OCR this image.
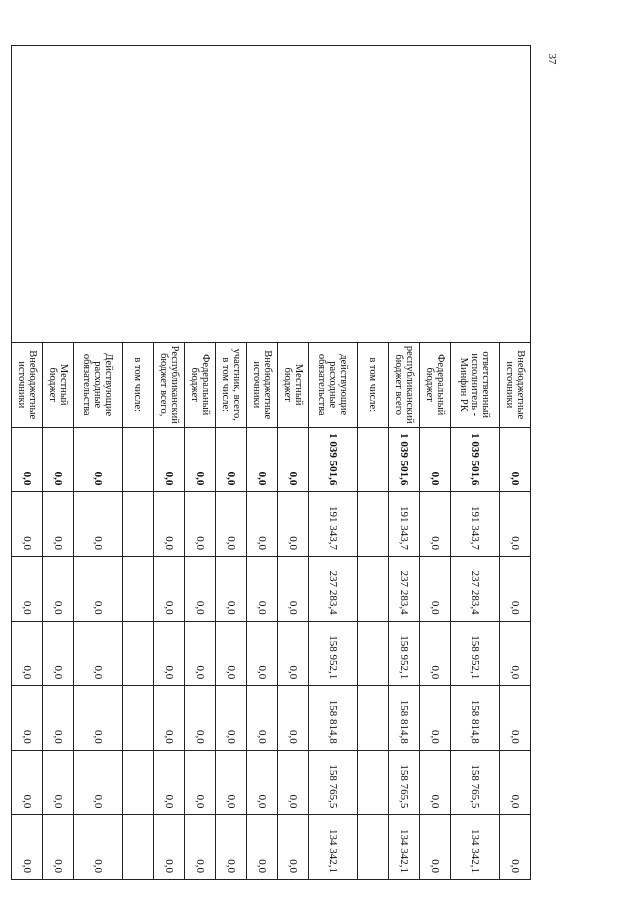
37
	Внебюджетные источники	0,0	0,0	0,0	0,0	0,0	0,0	0,0
	ответственный исполнитель - Минфин РК	1 039 501,6	191 343,7	237 283,4	158 952,1	158 814,8	158 765,5	134 342,1
	Федеральный бюджет	0,0	0,0	0,0	0,0	0,0	0,0	0,0
	республиканский бюджет всего	1 039 501,6	191 343,7	237 283,4	158 952,1	158 814,8	158 765,5	134 342,1
	в том числе:							
	действующие расходные обязательства	1 039 501,6	191 343,7	237 283,4	158 952,1	158 814,8	158 765,5	134 342,1
	Местный бюджет	0,0	0,0	0,0	0,0	0,0	0,0	0,0
	Внебюджетные источники	0,0	0,0	0,0	0,0	0,0	0,0	0,0
	участник, всего, в том числе:	0,0	0,0	0,0	0,0	0,0	0,0	0,0
	Федеральный бюджет	0,0	0,0	0,0	0,0	0,0	0,0	0,0
	Республиканский бюджет всего,	0,0	0,0	0,0	0,0	0,0	0,0	0,0
	в том числе:							
	Действующие расходные обязательства	0,0	0,0	0,0	0,0	0,0	0,0	0,0
	Местный бюджет	0,0	0,0	0,0	0,0	0,0	0,0	0,0
	Внебюджетные источники	0,0	0,0	0,0	0,0	0,0	0,0	0,0
